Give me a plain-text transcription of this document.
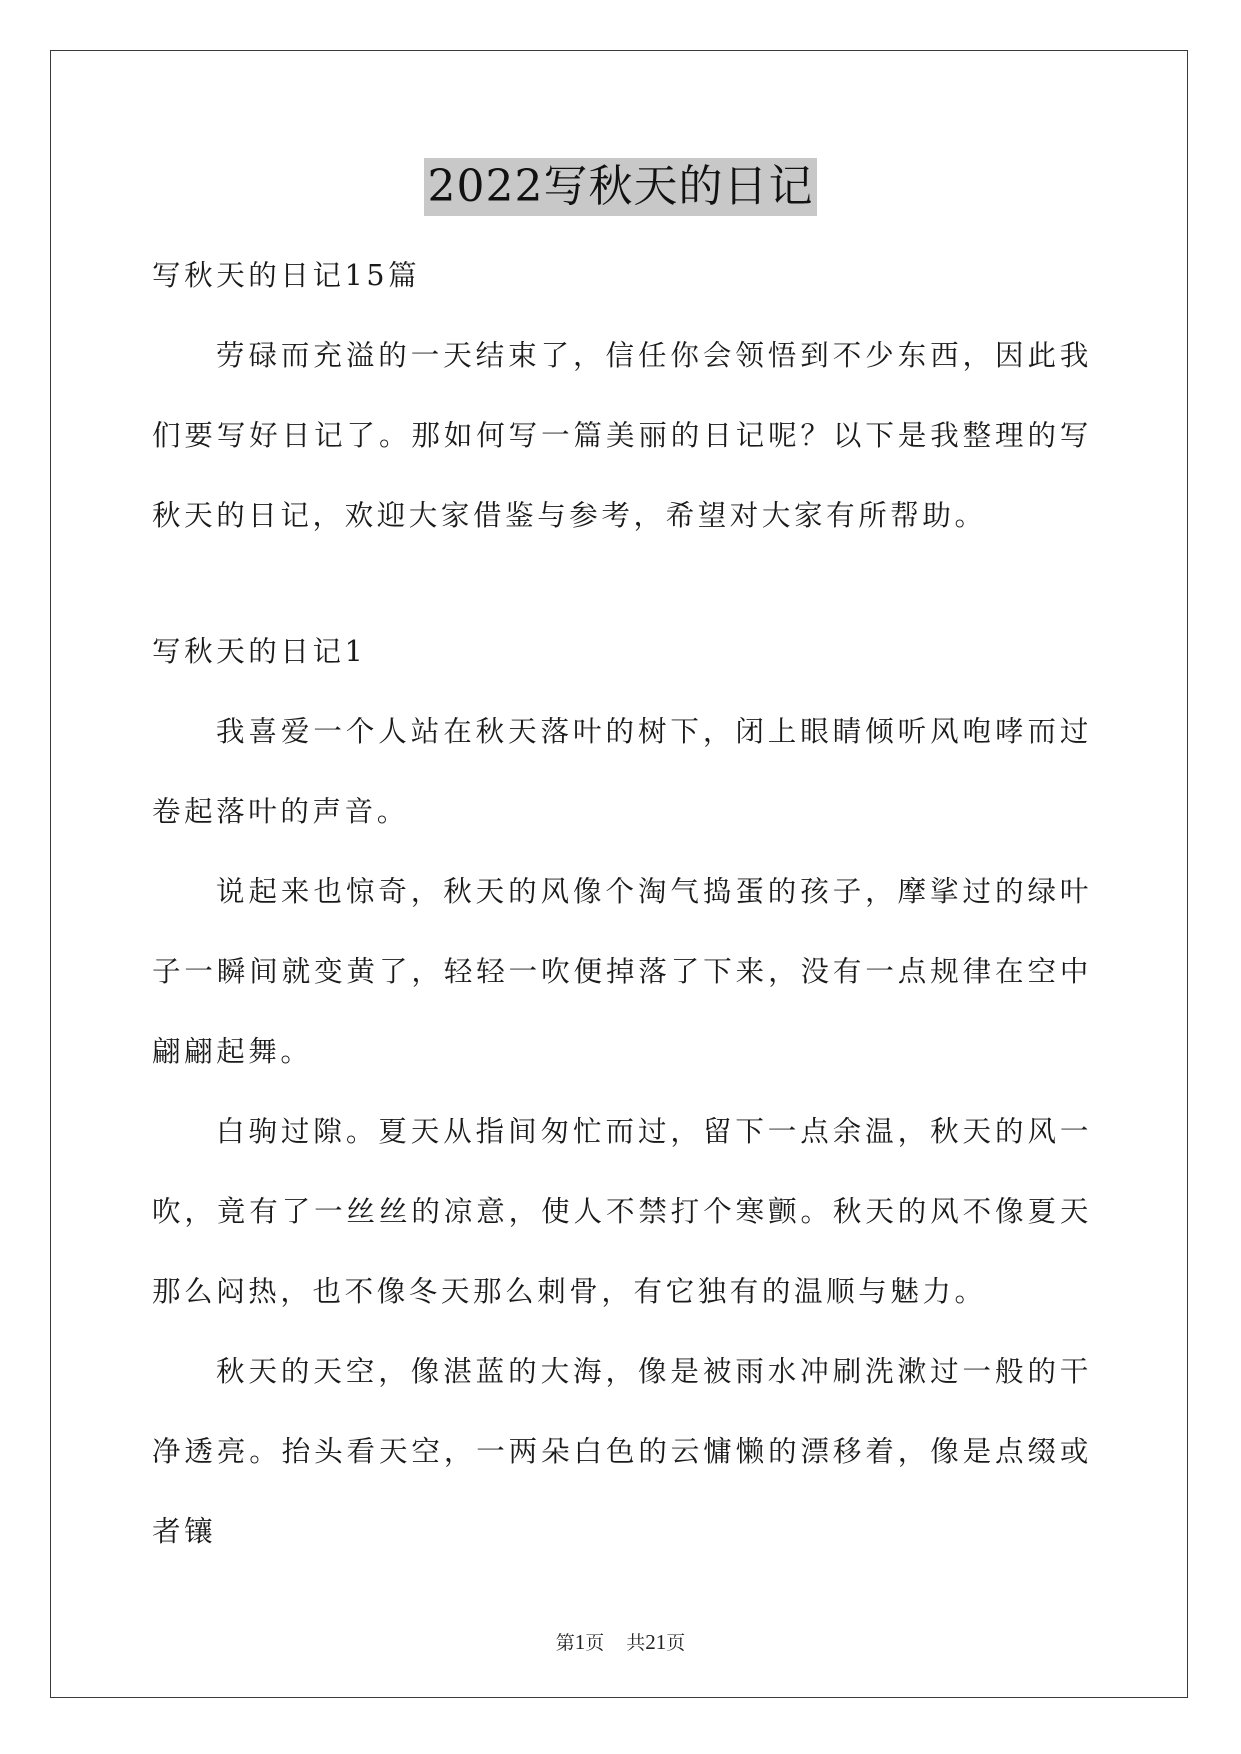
2022写秋天的日记

写秋天的日记15篇

劳碌而充溢的一天结束了，信任你会领悟到不少东西，因此我们要写好日记了。那如何写一篇美丽的日记呢？以下是我整理的写秋天的日记，欢迎大家借鉴与参考，希望对大家有所帮助。

写秋天的日记1

我喜爱一个人站在秋天落叶的树下，闭上眼睛倾听风咆哮而过卷起落叶的声音。

说起来也惊奇，秋天的风像个淘气捣蛋的孩子，摩挲过的绿叶子一瞬间就变黄了，轻轻一吹便掉落了下来，没有一点规律在空中翩翩起舞。

白驹过隙。夏天从指间匆忙而过，留下一点余温，秋天的风一吹，竟有了一丝丝的凉意，使人不禁打个寒颤。秋天的风不像夏天那么闷热，也不像冬天那么刺骨，有它独有的温顺与魅力。

秋天的天空，像湛蓝的大海，像是被雨水冲刷洗漱过一般的干净透亮。抬头看天空，一两朵白色的云慵懒的漂移着，像是点缀或者镶

第1页 共21页
